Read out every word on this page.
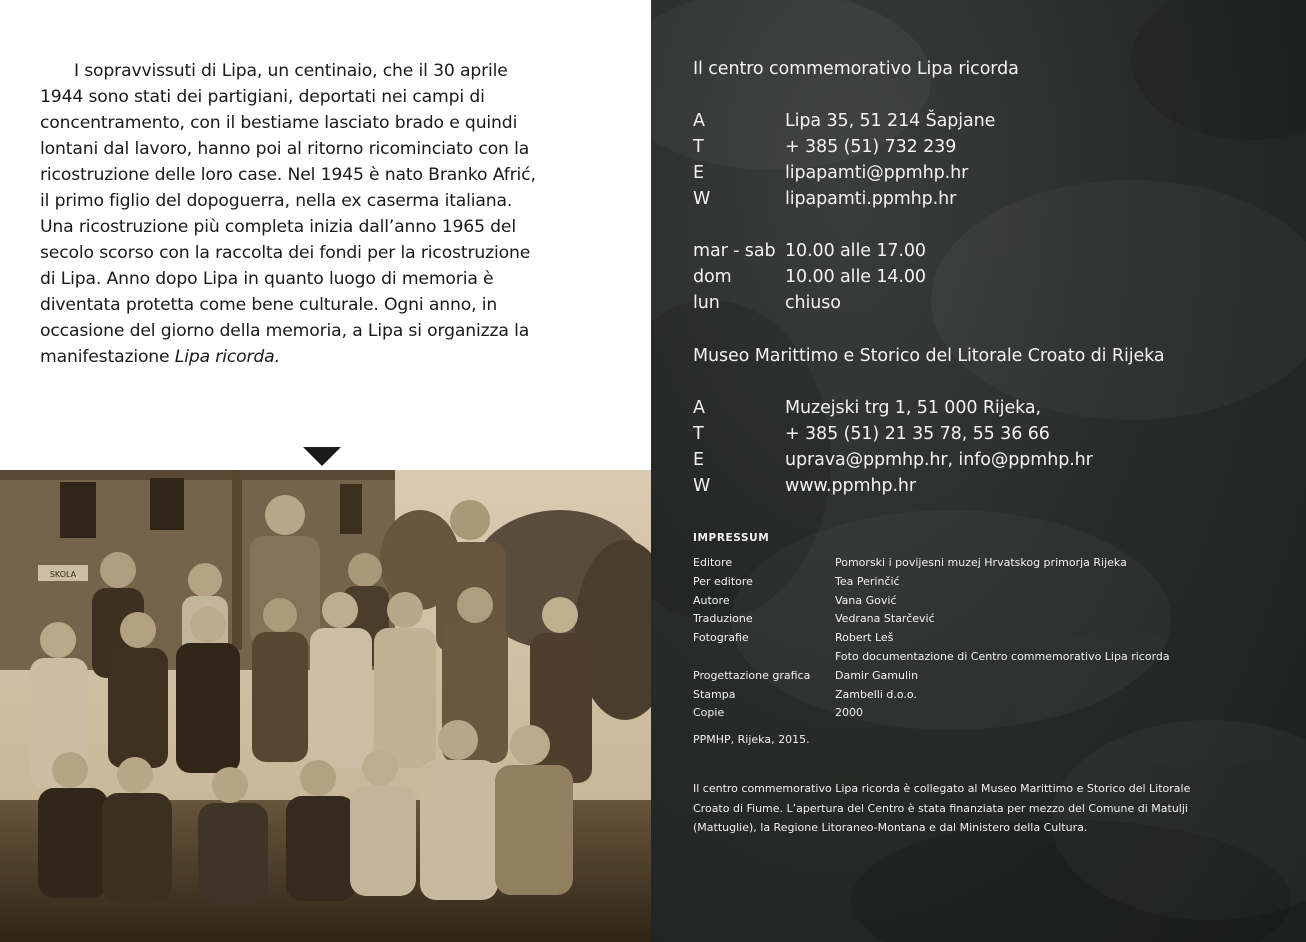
I sopravvissuti di Lipa, un centinaio, che il 30 aprile
1944 sono stati dei partigiani, deportati nei campi di
concentramento, con il bestiame lasciato brado e quindi
lontani dal lavoro, hanno poi al ritorno ricominciato con la
ricostruzione delle loro case. Nel 1945 è nato Branko Afrić,
il primo figlio del dopoguerra, nella ex caserma italiana.
Una ricostruzione più completa inizia dall’anno 1965 del
secolo scorso con la raccolta dei fondi per la ricostruzione
di Lipa. Anno dopo Lipa in quanto luogo di memoria è
diventata protetta come bene culturale. Ogni anno, in
occasione del giorno della memoria, a Lipa si organizza la
manifestazione Lipa ricorda.
SKOLA
Il centro commemorativo Lipa ricorda
A	Lipa 35, 51 214 Šapjane
T	+ 385 (51) 732 239
E	lipapamti@ppmhp.hr
W	lipapamti.ppmhp.hr
mar - sab 10.00 alle 17.00
dom	10.00 alle 14.00
lun	chiuso
Museo Marittimo e Storico del Litorale Croato di Rijeka
A	Muzejski trg 1, 51 000 Rijeka,
T	+ 385 (51) 21 35 78, 55 36 66
E	uprava@ppmhp.hr, info@ppmhp.hr
W	www.ppmhp.hr
IMPRESSUM
Editore	Pomorski i povijesni muzej Hrvatskog primorja Rijeka
Per editore	Tea Perinčić
Autore	Vana Gović
Traduzione	Vedrana Starčević
Fotografie	Robert Leš
Foto documentazione di Centro commemorativo Lipa ricorda
Progettazione grafica	Damir Gamulin
Stampa	Zambelli d.o.o.
Copie	2000
PPMHP, Rijeka, 2015.
Il centro commemorativo Lipa ricorda è collegato al Museo Marittimo e Storico del Litorale
Croato di Fiume. L’apertura del Centro è stata finanziata per mezzo del Comune di Matulji
(Mattuglie), la Regione Litoraneo-Montana e dal Ministero della Cultura.
